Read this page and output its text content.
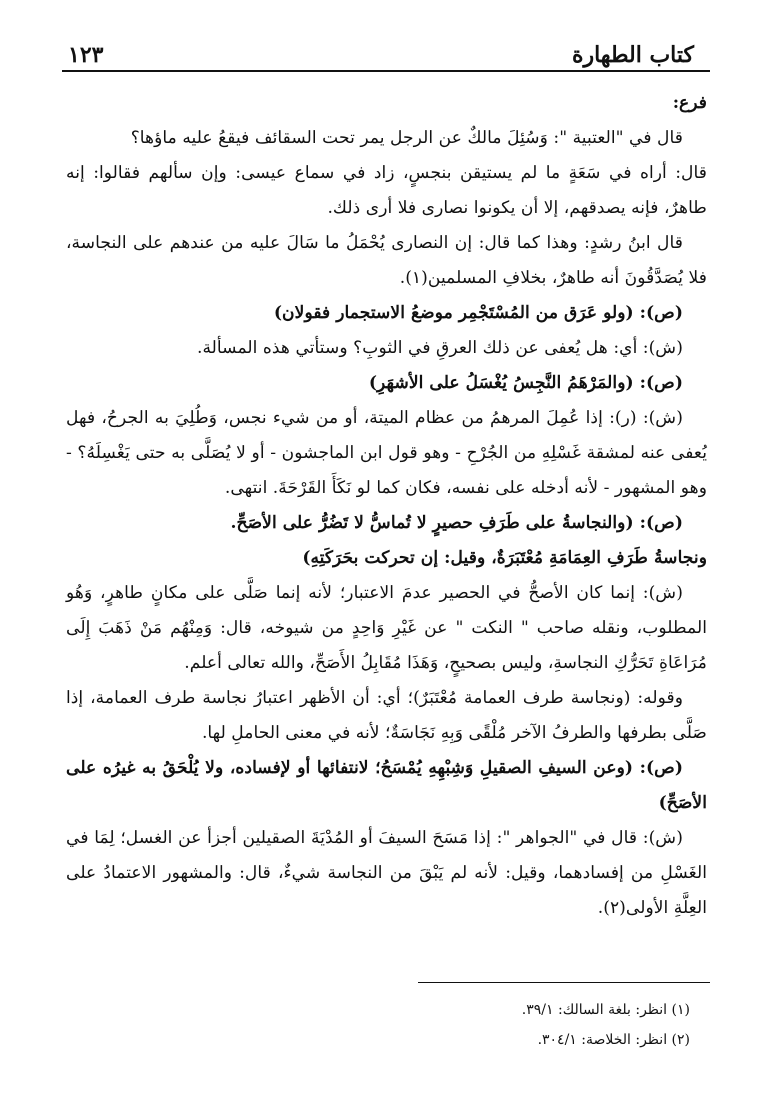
كتاب الطهارة
١٢٣

فرع:

قال في "العتبية ": وَسُئِلَ مالكٌ عن الرجل يمر تحت السقائف فيقعُ عليه ماؤها؟

قال: أراه في سَعَةٍ ما لم يستيقن بنجسٍ، زاد في سماع عيسى: وإن سألهم فقالوا: إنه طاهرٌ، فإنه يصدقهم، إلا أن يكونوا نصارى فلا أرى ذلك.

قال ابنُ رشدٍ: وهذا كما قال: إن النصارى يُحْمَلُ ما سَالَ عليه من عندهم على النجاسة، فلا يُصَدَّقُونَ أنه طاهرٌ، بخلافِ المسلمين(١).

(ص): (ولو عَرَق من المُسْتَجْمِر موضعُ الاستجمار فقولان)

(ش): أي: هل يُعفى عن ذلك العرقِ في الثوبِ؟ وستأتي هذه المسألة.

(ص): (والمَرْهَمُ النَّجِسُ يُغْسَلُ على الأشهَرِ)

(ش): (ر): إذا عُمِلَ المرهمُ من عظام الميتة، أو من شيء نجس، وَطُلِيَ به الجرحُ، فهل يُعفى عنه لمشقة غَسْلِهِ من الجُرْحِ - وهو قول ابن الماجشون - أو لا يُصَلَّى به حتى يَغْسِلَهُ؟ - وهو المشهور - لأنه أدخله على نفسه، فكان كما لو نَكَأَ القَرْحَةَ. انتهى.

(ص): (والنجاسةُ على طَرَفِ حصيرٍ لا تُماسُّ لا تَضُرُّ على الأصَحِّ.

ونجاسةُ طَرَفِ العِمَامَةِ مُعْتَبَرَةٌ، وقيل: إن تحركت بحَرَكَتِهِ)

(ش): إنما كان الأصحُّ في الحصير عدمَ الاعتبار؛ لأنه إنما صَلَّى على مكانٍ طاهرٍ، وَهُو المطلوب، ونقله صاحب " النكت " عن غَيْرِ وَاحِدٍ من شيوخه، قال: وَمِنْهُم مَنْ ذَهَبَ إِلَى مُرَاعَاةِ تَحَرُّكِ النجاسةِ، وليس بصحيحٍ، وَهَذَا مُقَابِلُ الأَصَحِّ، والله تعالى أعلم.

وقوله: (ونجاسة طرف العمامة مُعْتَبَرٌ)؛ أي: أن الأظهر اعتبارُ نجاسة طرف العمامة، إذا صَلَّى بطرفها والطرفُ الآخر مُلْقًى وَبِهِ نَجَاسَةٌ؛ لأنه في معنى الحاملِ لها.

(ص): (وعن السيفِ الصقيلِ وَشِبْهِهِ يُمْسَحُ؛ لانتفائها أو لإفساده، ولا يُلْحَقُ به غيرُه على الأصَحِّ)

(ش): قال في "الجواهر ": إذا مَسَحَ السيفَ أو المُدْيَةَ الصقيلين أجزأ عن الغسل؛ لِمَا في الغَسْلِ من إفسادهما، وقيل: لأنه لم يَبْقَ من النجاسة شيءٌ، قال: والمشهور الاعتمادُ على العِلَّةِ الأولى(٢).

(١) انظر: بلغة السالك: ٣٩/١.

(٢) انظر: الخلاصة: ٣٠٤/١.
